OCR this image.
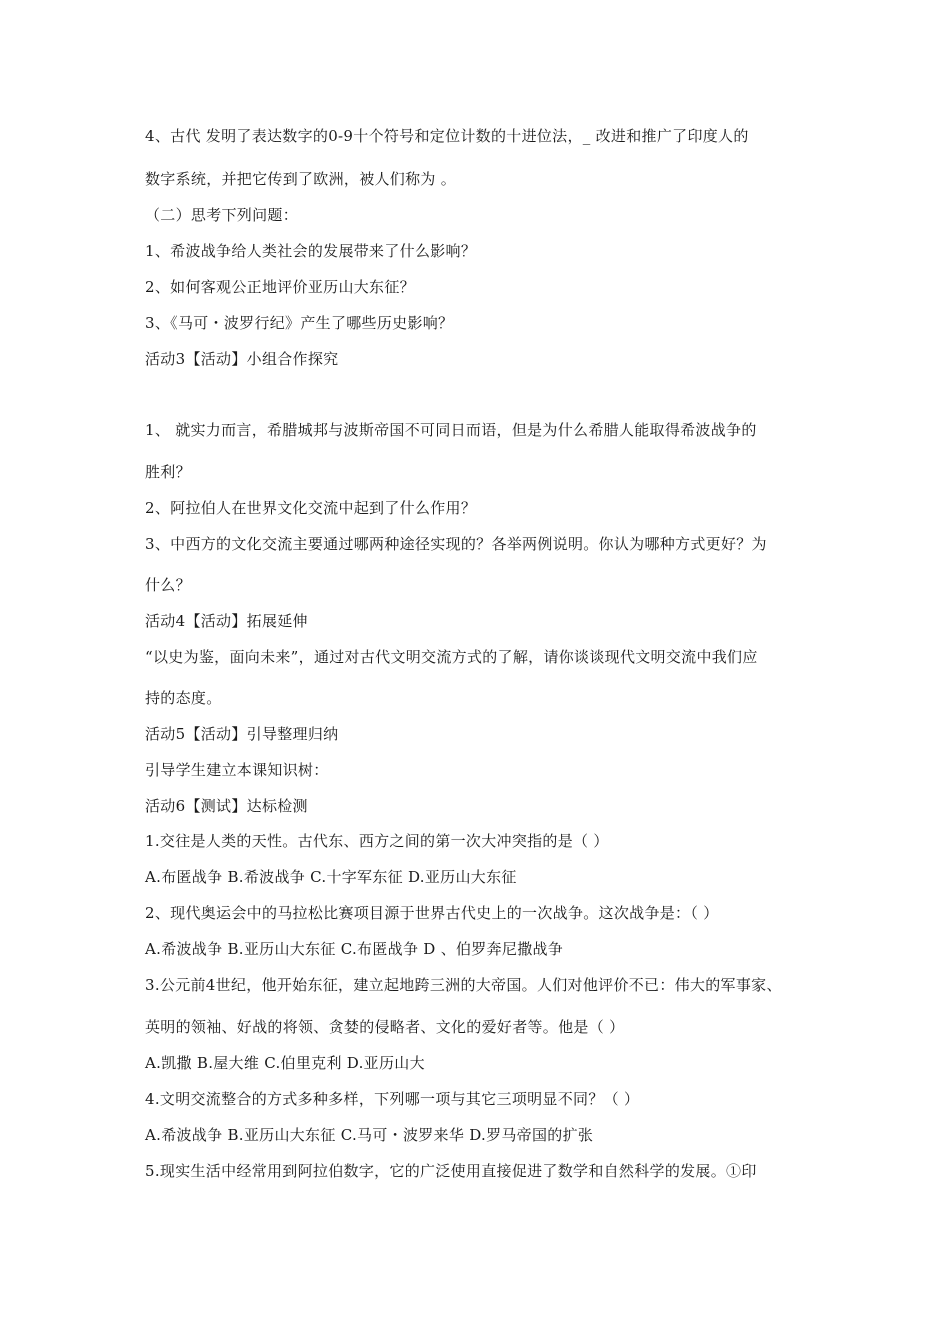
4、古代 发明了表达数字的0-9十个符号和定位计数的十进位法，_ 改进和推广了印度人的
数字系统，并把它传到了欧洲，被人们称为 。
（二）思考下列问题：
1、希波战争给人类社会的发展带来了什么影响？
2、如何客观公正地评价亚历山大东征？
3、《马可・波罗行纪》产生了哪些历史影响？
活动3【活动】小组合作探究
1、 就实力而言，希腊城邦与波斯帝国不可同日而语，但是为什么希腊人能取得希波战争的
胜利？
2、阿拉伯人在世界文化交流中起到了什么作用？
3、中西方的文化交流主要通过哪两种途径实现的？各举两例说明。你认为哪种方式更好？为
什么？
活动4【活动】拓展延伸
“以史为鉴，面向未来”，通过对古代文明交流方式的了解，请你谈谈现代文明交流中我们应
持的态度。
活动5【活动】引导整理归纳
引导学生建立本课知识树：
活动6【测试】达标检测
1.交往是人类的天性。古代东、西方之间的第一次大冲突指的是（ ）
A.布匿战争 B.希波战争 C.十字军东征 D.亚历山大东征
2、现代奥运会中的马拉松比赛项目源于世界古代史上的一次战争。这次战争是：（ ）
A.希波战争 B.亚历山大东征 C.布匿战争 D 、伯罗奔尼撒战争
3.公元前4世纪，他开始东征，建立起地跨三洲的大帝国。人们对他评价不已：伟大的军事家、
英明的领袖、好战的将领、贪婪的侵略者、文化的爱好者等。他是（ ）
A.凯撒 B.屋大维 C.伯里克利 D.亚历山大
4.文明交流整合的方式多种多样，下列哪一项与其它三项明显不同？（ ）
A.希波战争 B.亚历山大东征 C.马可・波罗来华 D.罗马帝国的扩张
5.现实生活中经常用到阿拉伯数字，它的广泛使用直接促进了数学和自然科学的发展。①印
